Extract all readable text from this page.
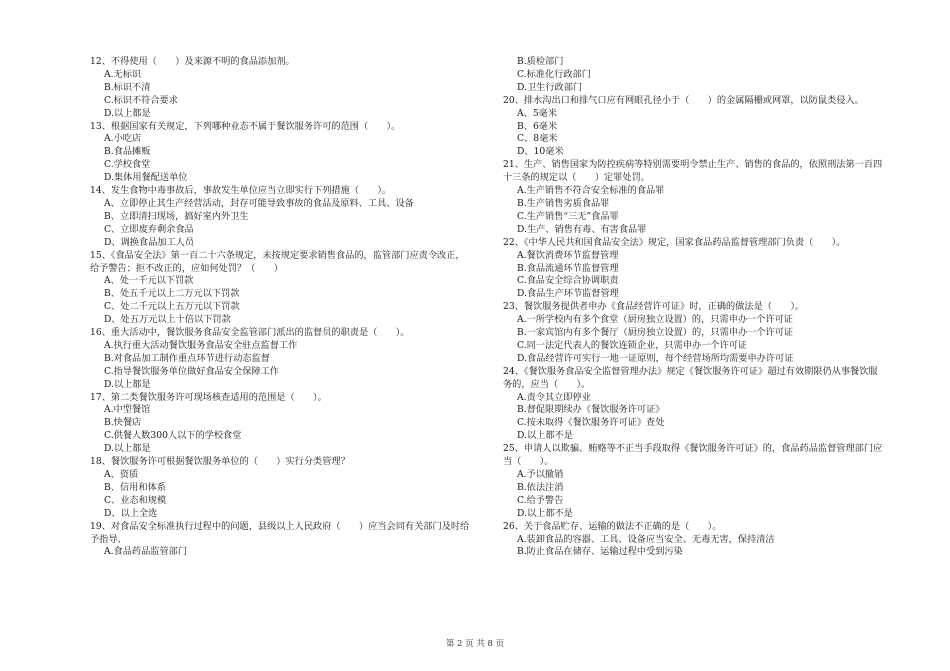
12、不得使用（　　）及来源不明的食品添加剂。
A.无标识
B.标识不清
C.标识不符合要求
D.以上都是
13、根据国家有关规定，下列哪种业态不属于餐饮服务许可的范围（　　）。
A.小吃店
B.食品摊贩
C.学校食堂
D.集体用餐配送单位
14、发生食物中毒事故后，事故发生单位应当立即实行下列措施（　　）。
A、立即停止其生产经营活动，封存可能导致事故的食品及原料、工具、设备
B、立即清扫现场，搞好室内外卫生
C、立即废弃剩余食品
D、调换食品加工人员
15、《食品安全法》第一百二十六条规定，未按规定要求销售食品的，监管部门应责令改正，
给予警告；拒不改正的，应如何处罚？（　　）
A、处一千元以下罚款
B、处五千元以上二万元以下罚款
C、处二千元以上五万元以下罚款
D、处五万元以上十倍以下罚款
16、重大活动中，餐饮服务食品安全监管部门派出的监督员的职责是（　　）。
A.执行重大活动餐饮服务食品安全驻点监督工作
B.对食品加工制作重点环节进行动态监督
C.指导餐饮服务单位做好食品安全保障工作
D.以上都是
17、第二类餐饮服务许可现场核查适用的范围是（　　）。
A.中型餐馆
B.快餐店
C.供餐人数300人以下的学校食堂
D.以上都是
18、餐饮服务许可根据餐饮服务单位的（　　）实行分类管理？
A、资质
B、信用和体系
C、业态和规模
D、以上全选
19、对食品安全标准执行过程中的问题，县级以上人民政府（　　）应当会同有关部门及时给
予指导、
A.食品药品监管部门
B.质检部门
C.标准化行政部门
D.卫生行政部门
20、排水沟出口和排气口应有网眼孔径小于（　　）的金属隔栅或网罩，以防鼠类侵入。
A、5毫米
B、6毫米
C、8毫米
D、10毫米
21、生产、销售国家为防控疾病等特别需要明令禁止生产、销售的食品的，依照刑法第一百四
十三条的规定以（　　）定罪处罚。
A.生产销售不符合安全标准的食品罪
B.生产销售劣质食品罪
C.生产销售“三无”食品罪
D.生产、销售有毒、有害食品罪
22、《中华人民共和国食品安全法》规定，国家食品药品监督管理部门负责（　　）。
A.餐饮消费环节监督管理
B.食品流通环节监督管理
C.食品安全综合协调职责
D.食品生产环节监督管理
23、餐饮服务提供者申办《食品经营许可证》时，正确的做法是（　　）。
A.一所学校内有多个食堂（厨房独立设置）的，只需申办一个许可证
B.一家宾馆内有多个餐厅（厨房独立设置）的，只需申办一个许可证
C.同一法定代表人的餐饮连锁企业，只需申办一个许可证
D.食品经营许可实行一地一证原则，每个经营场所均需要申办许可证
24、《餐饮服务食品安全监督管理办法》规定《餐饮服务许可证》超过有效期限仍从事餐饮服
务的，应当（　　）。
A.责令其立即停业
B.督促限期续办《餐饮服务许可证》
C.按未取得《餐饮服务许可证》查处
D.以上都不是
25、申请人以欺骗、贿赂等不正当手段取得《餐饮服务许可证》的，食品药品监督管理部门应
当（　　）。
A.予以撤销
B.依法注消
C.给予警告
D.以上都不是
26、关于食品贮存、运输的做法不正确的是（　　）。
A.装卸食品的容器、工具、设备应当安全、无毒无害，保持清洁
B.防止食品在储存、运输过程中受到污染
第 2 页 共 8 页
